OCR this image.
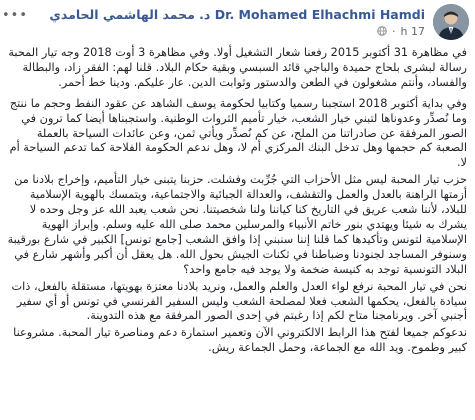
Dr. Mohamed Elhachmi Hamdi د. محمد الهاشمي الحامدي
17 h
·
•••

في مظاهرة 31 أكتوبر 2015 رفعنا شعار التشغيل أولا. وفي مظاهرة 3 أوت 2018 وجه تيار المحبة رسالة لبشرى بلحاج حميدة والباجي قائد السبسي وبقية حكام البلاد. قلنا لهم: الفقر زاد، والبطالة والفساد، وأنتم مشغولون في الطعن والدستور وثوابت الدين. عار عليكم. ودينا خط أحمر.

وفي بداية أكتوبر 2018 استجبنا رسميا وكتابيا لحكومة يوسف الشاهد عن عقود النفط وحجم ما ننتج وما نُصدِّر وعدوناها لتبني خيار الشعب، خيار تأميم الثروات الوطنية. واستجبناها أيضا كما ترون في الصور المرفقة عن صادراتنا من الملح، عن كم نُصدِّر ويأتي ثمن، وعن عائدات السياحة بالعملة الصعبة كم حجمها وهل تدخل البنك المركزي أم لا، وهل ندعم الحكومة الفلاحة كما تدعم السياحة أم لا.

حزب تيار المحبة ليس مثل الأحزاب التي جُرِّبت وفشلت. حزبنا يتبنى خيار التأميم، وإخراج بلادنا من أزمتها الراهنة بالعدل والعمل والتقشف، والعدالة الجبائية والاجتماعية، ويتمسك بالهوية الإسلامية للبلاد، لأننا شعب عريق في التاريخ كنا كياننا ولنا شخصيتنا. نحن شعب يعبد الله عز وجل وحده لا يشرك به شيئا ويهتدي بنور خاتم الأنبياء والمرسلين محمد صلى الله عليه وسلم. وإبراز الهوية الإسلامية لتونس وتأكيدها كما قلنا إننا سنبني إذا وافق الشعب [جامع تونس] الكبير في شارع بورقيبة وسنوفر المساجد لجنودنا وضباطنا في ثكنات الجيش بحول الله. هل يعقل أن أكبر وأشهر شارع في البلاد التونسية توجد به كنيسة ضخمة ولا يوجد فيه جامع واحد؟

نحن في تيار المحبة نرفع لواء العدل والعلم والعمل، ونريد بلادنا معتزة بهويتها، مستقلة بالفعل، ذات سيادة بالفعل، يحكمها الشعب فعلا لمصلحة الشعب وليس السفير الفرنسي في تونس أو أي سفير أجنبي آخر. ويرنامجنا متاح لكم إذا رغبتم في إحدى الصور المرفقة مع هذه التدوينة.

ندعوكم جميعا لفتح هذا الرابط الالكتروني الآن وتعمير استمارة دعم ومناصرة تيار المحبة. مشروعنا كبير وطموح. ويد الله مع الجماعة، وحمل الجماعة ريش.
